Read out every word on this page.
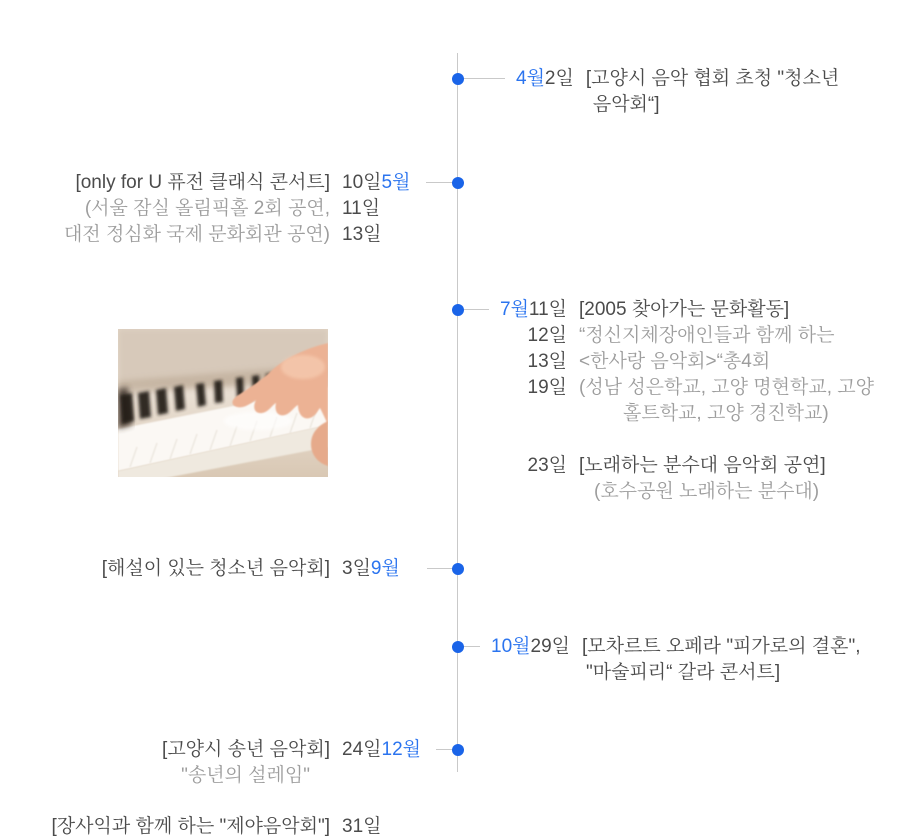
4월2일 [고양시 음악 협회 초청 "청소년
음악회“]
[only for U 퓨전 클래식 콘서트]
(서울 잠실 올림픽홀 2회 공연,
대전 정심화 국제 문화회관 공연)
10일5월
11일
13일
7월11일
12일
13일
19일
23일
[2005 찾아가는 문화활동]
“정신지체장애인들과 함께 하는
<한사랑 음악회>“총4회
(성남 성은학교, 고양 명현학교, 고양
홀트학교, 고양 경진학교)
[노래하는 분수대 음악회 공연]
(호수공원 노래하는 분수대)
[해설이 있는 청소년 음악회] 3일9월
10월29일 [모차르트 오페라 "피가로의 결혼",
"마술피리“ 갈라 콘서트]
[고양시 송년 음악회]
"송년의 설레임"
24일12월
[장사익과 함께 하는 "제야음악회"] 31일
